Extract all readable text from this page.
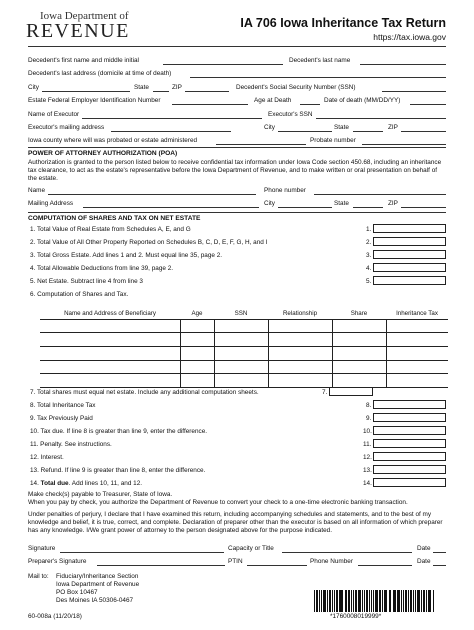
Iowa Department of
REVENUE	IA 706 Iowa Inheritance Tax Return
https://tax.iowa.gov
Decedent's first name and middle initial	Decedent's last name
Decedent's last address (domicile at time of death)
City	State	ZIP	Decedent's Social Security Number (SSN)
Estate Federal Employer Identification Number	Age at Death	Date of death (MM/DD/YY)
Name of Executor	Executor's SSN
Executor's mailing address	City	State	ZIP
Iowa county where will was probated or estate administered	Probate number
POWER OF ATTORNEY AUTHORIZATION (POA)
Authorization is granted to the person listed below to receive confidential tax information under Iowa Code section 450.68, including an inheritance tax clearance, to act as the estate's representative before the Iowa Department of Revenue, and to make written or oral presentation on behalf of the estate.
Name	Phone number
Mailing Address	City	State	ZIP
COMPUTATION OF SHARES AND TAX ON NET ESTATE
1. Total Value of Real Estate from Schedules A, E, and G	1.
2. Total Value of All Other Property Reported on Schedules B, C, D, E, F, G, H, and I	2.
3. Total Gross Estate. Add lines 1 and 2. Must equal line 35, page 2.	3.
4. Total Allowable Deductions from line 39, page 2.	4.
5. Net Estate. Subtract line 4 from line 3	5.
6. Computation of Shares and Tax.
Name and Address of Beneficiary	Age	SSN	Relationship	Share	Inheritance Tax

7. Total shares must equal net estate. Include any additional computation sheets.	7.
8. Total Inheritance Tax	8.
9. Tax Previously Paid	9.
10. Tax due. If line 8 is greater than line 9, enter the difference.	10.
11. Penalty. See instructions.	11.
12. Interest.	12.
13. Refund. If line 9 is greater than line 8, enter the difference.	13.
14. Total due. Add lines 10, 11, and 12.	14.
Make check(s) payable to Treasurer, State of Iowa.
When you pay by check, you authorize the Department of Revenue to convert your check to a one-time electronic banking transaction.
Under penalties of perjury, I declare that I have examined this return, including accompanying schedules and statements, and to the best of my knowledge and belief, it is true, correct, and complete. Declaration of preparer other than the executor is based on all information of which preparer has any knowledge. I/We grant power of attorney to the person designated above for the purpose indicated.
Signature	Capacity or Title	Date
Preparer's Signature	PTIN	Phone Number	Date
Mail to: Fiduciary/Inheritance Section
Iowa Department of Revenue
PO Box 10467
Des Moines IA 50306-0467
60-008a (11/20/18)	*1760008019999*
